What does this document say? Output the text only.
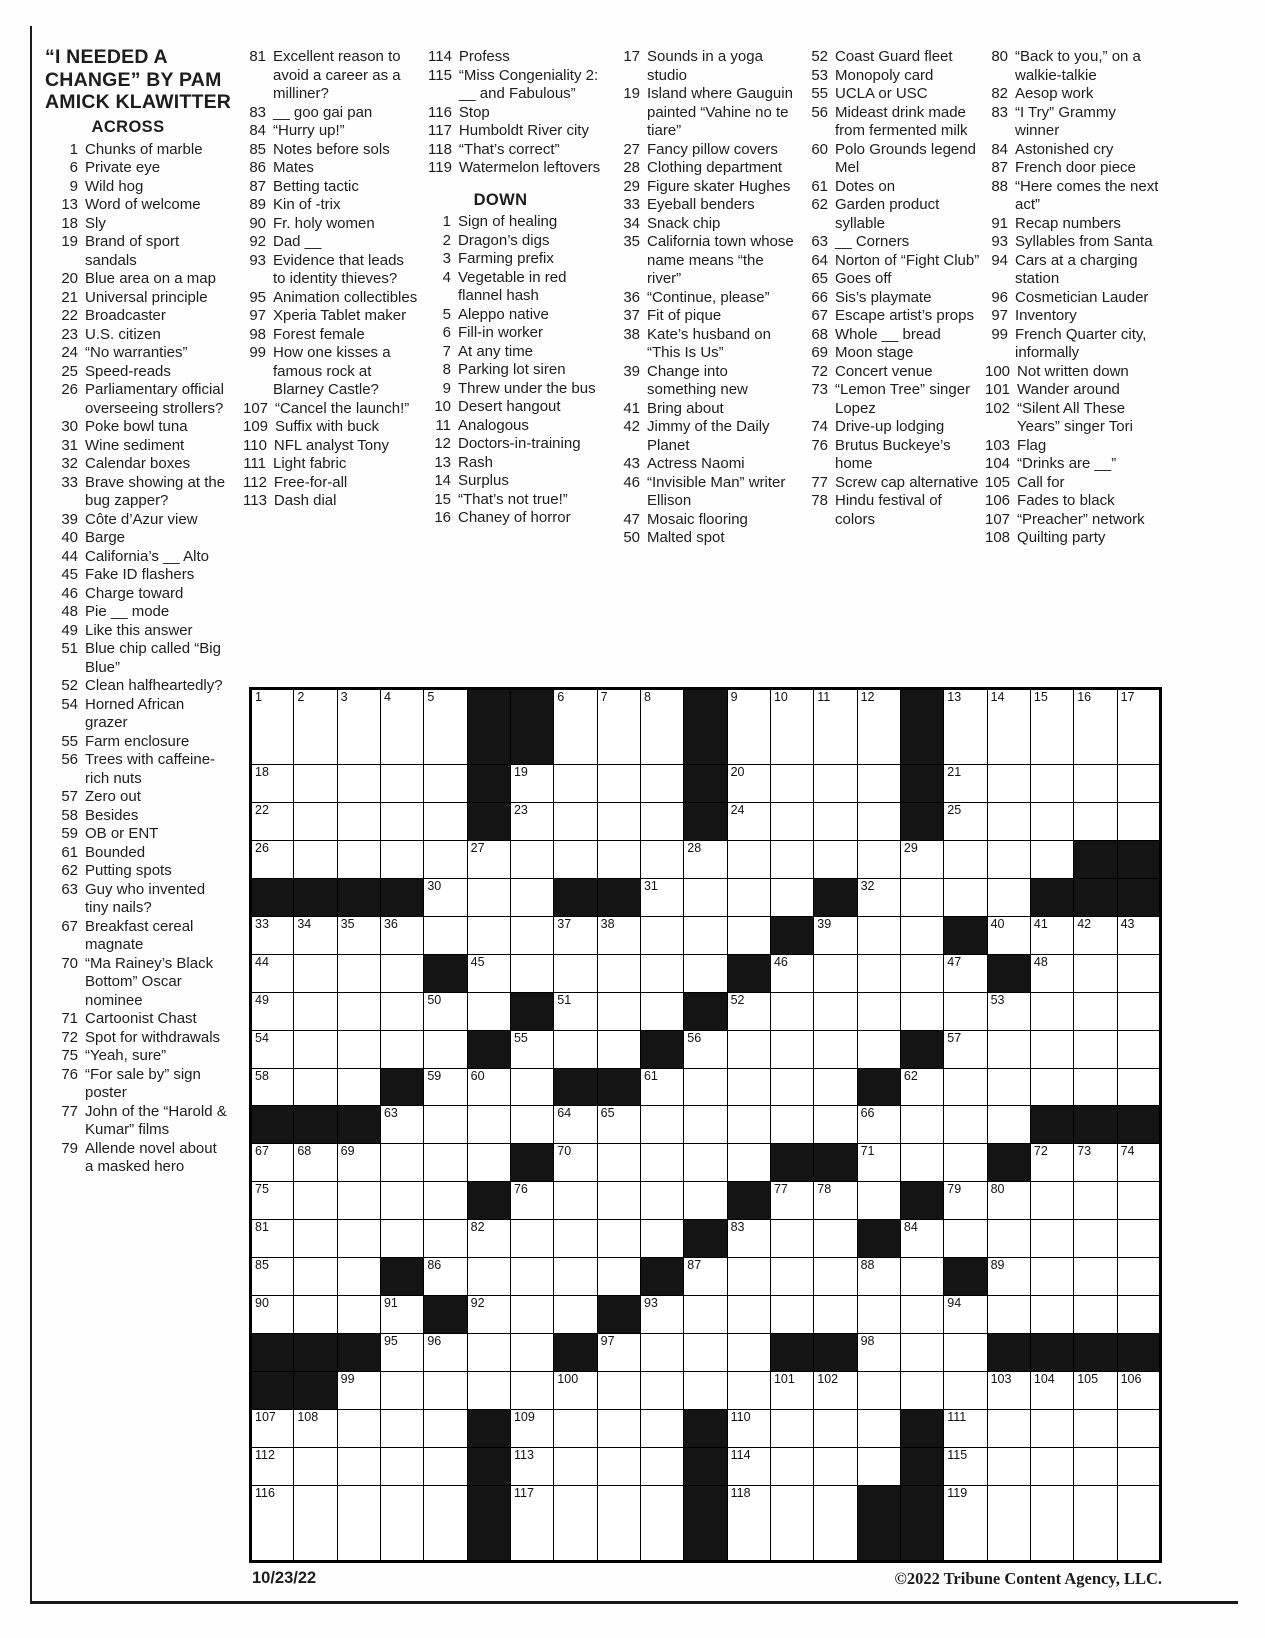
“I NEEDED A
CHANGE” BY PAM
AMICK KLAWITTER
ACROSS
1 Chunks of marble
6 Private eye
9 Wild hog
13 Word of welcome
18 Sly
19 Brand of sport sandals
20 Blue area on a map
21 Universal principle
22 Broadcaster
23 U.S. citizen
24 “No warranties”
25 Speed-reads
26 Parliamentary official overseeing strollers?
30 Poke bowl tuna
31 Wine sediment
32 Calendar boxes
33 Brave showing at the bug zapper?
39 Côte d’Azur view
40 Barge
44 California’s __ Alto
45 Fake ID flashers
46 Charge toward
48 Pie __ mode
49 Like this answer
51 Blue chip called “Big Blue”
52 Clean halfheartedly?
54 Horned African grazer
55 Farm enclosure
56 Trees with caffeine-rich nuts
57 Zero out
58 Besides
59 OB or ENT
61 Bounded
62 Putting spots
63 Guy who invented tiny nails?
67 Breakfast cereal magnate
70 “Ma Rainey’s Black Bottom” Oscar nominee
71 Cartoonist Chast
72 Spot for withdrawals
75 “Yeah, sure”
76 “For sale by” sign poster
77 John of the “Harold & Kumar” films
79 Allende novel about a masked hero
81 Excellent reason to avoid a career as a milliner?
83 __ goo gai pan
84 “Hurry up!”
85 Notes before sols
86 Mates
87 Betting tactic
89 Kin of -trix
90 Fr. holy women
92 Dad __
93 Evidence that leads to identity thieves?
95 Animation collectibles
97 Xperia Tablet maker
98 Forest female
99 How one kisses a famous rock at Blarney Castle?
107 “Cancel the launch!”
109 Suffix with buck
110 NFL analyst Tony
111 Light fabric
112 Free-for-all
113 Dash dial
114 Profess
115 “Miss Congeniality 2: __ and Fabulous”
116 Stop
117 Humboldt River city
118 “That’s correct”
119 Watermelon leftovers
DOWN
1 Sign of healing
2 Dragon’s digs
3 Farming prefix
4 Vegetable in red flannel hash
5 Aleppo native
6 Fill-in worker
7 At any time
8 Parking lot siren
9 Threw under the bus
10 Desert hangout
11 Analogous
12 Doctors-in-training
13 Rash
14 Surplus
15 “That’s not true!”
16 Chaney of horror
17 Sounds in a yoga studio
19 Island where Gauguin painted “Vahine no te tiare”
27 Fancy pillow covers
28 Clothing department
29 Figure skater Hughes
33 Eyeball benders
34 Snack chip
35 California town whose name means “the river”
36 “Continue, please”
37 Fit of pique
38 Kate’s husband on “This Is Us”
39 Change into something new
41 Bring about
42 Jimmy of the Daily Planet
43 Actress Naomi
46 “Invisible Man” writer Ellison
47 Mosaic flooring
50 Malted spot
52 Coast Guard fleet
53 Monopoly card
55 UCLA or USC
56 Mideast drink made from fermented milk
60 Polo Grounds legend Mel
61 Dotes on
62 Garden product syllable
63 __ Corners
64 Norton of “Fight Club”
65 Goes off
66 Sis’s playmate
67 Escape artist’s props
68 Whole __ bread
69 Moon stage
72 Concert venue
73 “Lemon Tree” singer Lopez
74 Drive-up lodging
76 Brutus Buckeye’s home
77 Screw cap alternative
78 Hindu festival of colors
80 “Back to you,” on a walkie-talkie
82 Aesop work
83 “I Try” Grammy winner
84 Astonished cry
87 French door piece
88 “Here comes the next act”
91 Recap numbers
93 Syllables from Santa
94 Cars at a charging station
96 Cosmetician Lauder
97 Inventory
99 French Quarter city, informally
100 Not written down
101 Wander around
102 “Silent All These Years” singer Tori
103 Flag
104 “Drinks are __”
105 Call for
106 Fades to black
107 “Preacher” network
108 Quilting party
1	2	3	4	5			6	7	8		9	10	11	12		13	14	15	16	17

18						19					20					21				

22						23					24					25				

26					27					28					29					

				30					31					32						

33	34	35	36				37	38					39				40	41	42	43

44					45							46				47		48		

49				50			51				52						53			

54						55				56						57				

58				59	60				61						62					

			63				64	65						66						

67	68	69					70							71				72	73	74

75						76						77	78			79	80			

81					82						83				84					

85				86						87				88			89			

90			91		92				93							94				

			95	96				97						98						

		99					100					101	102				103	104	105	106

107	108					109					110					111				

112						113					114					115				

116						117					118					119				

10/23/22	©2022 Tribune Content Agency, LLC.
